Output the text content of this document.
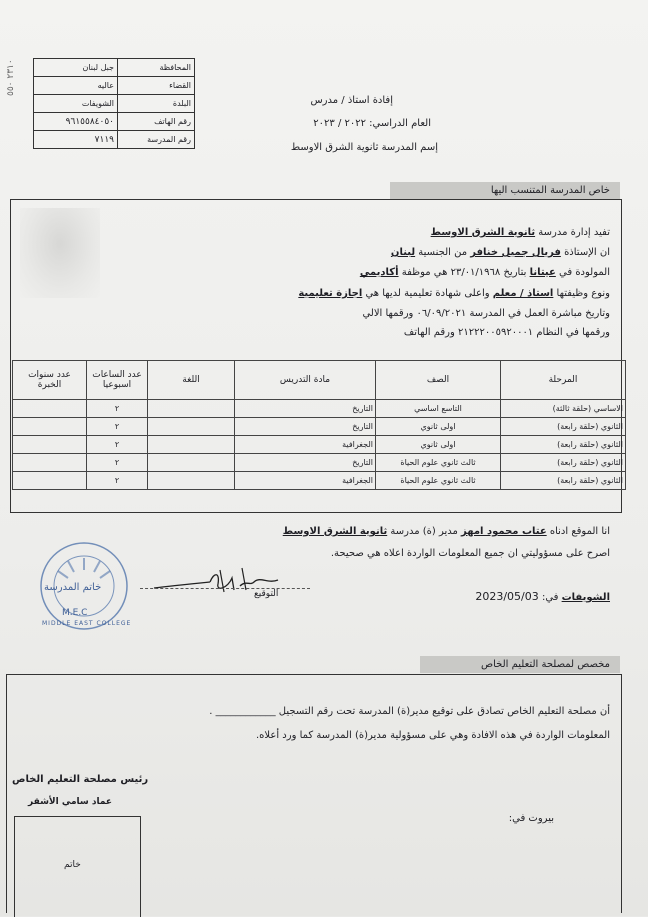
جبل لبنان	المحافظة
عاليه	القضاء
الشويفات	البلدة
٩٦١٥٥٨٤٠٥٠	رقم الهاتف
٧١١٩	رقم المدرسة
٢٣١٠ ٥٥٠
إفادة استاذ / مدرس
العام الدراسي: ٢٠٢٢ / ٢٠٢٣
إسم المدرسة ثانوية الشرق الاوسط
خاص المدرسة المتنسب اليها
تفيد إدارة مدرسة ثانوية الشرق الاوسط
ان الإستاذة فريال جميل خنافر من الجنسية لبنان
المولودة في عيتانا بتاريخ ٢٣/٠١/١٩٦٨ هي موظفة أكاديمي
ونوع وظيفتها استاذ / معلم واعلى شهادة تعليمية لديها هي اجازة تعليمية
وتاريخ مباشرة العمل في المدرسة ٠٦/٠٩/٢٠٢١ ورقمها الالي
ورقمها في النظام ٢١٢٢٢٠٠٥٩٢٠٠٠١ ورقم الهاتف
المرحلة	الصف	مادة التدريس	اللغة	عدد الساعات اسبوعيا	عدد سنوات الخبرة
الاساسي (حلقة ثالثة)	التاسع اساسي	التاريخ		٢	
الثانوي (حلقة رابعة)	اولى ثانوي	التاريخ		٢	
الثانوي (حلقة رابعة)	اولى ثانوي	الجغرافية		٢	
الثانوي (حلقة رابعة)	ثالث ثانوي علوم الحياة	التاريخ		٢	
الثانوي (حلقة رابعة)	ثالث ثانوي علوم الحياة	الجغرافية		٢	
انا الموقع ادناه عتاب محمود امهز مدير (ة) مدرسة ثانوية الشرق الاوسط
اصرح على مسؤوليتي ان جميع المعلومات الواردة اعلاه هي صحيحة.
خاتم المدرسة
M.E.C
MIDDLE EAST COLLEGE
التوقيع	الشويفات في: 2023/05/03
مخصص لمصلحة التعليم الخاص
أن مصلحة التعليم الخاص تصادق على توقيع مدير(ة) المدرسة تحت رقم التسجيل ____________ .
المعلومات الواردة في هذه الافادة وهي على مسؤولية مدير(ة) المدرسة كما ورد أعلاه.
رئيس مصلحة التعليم الخاص
عماد سامي الأشقر
بيروت في:
خاتم
